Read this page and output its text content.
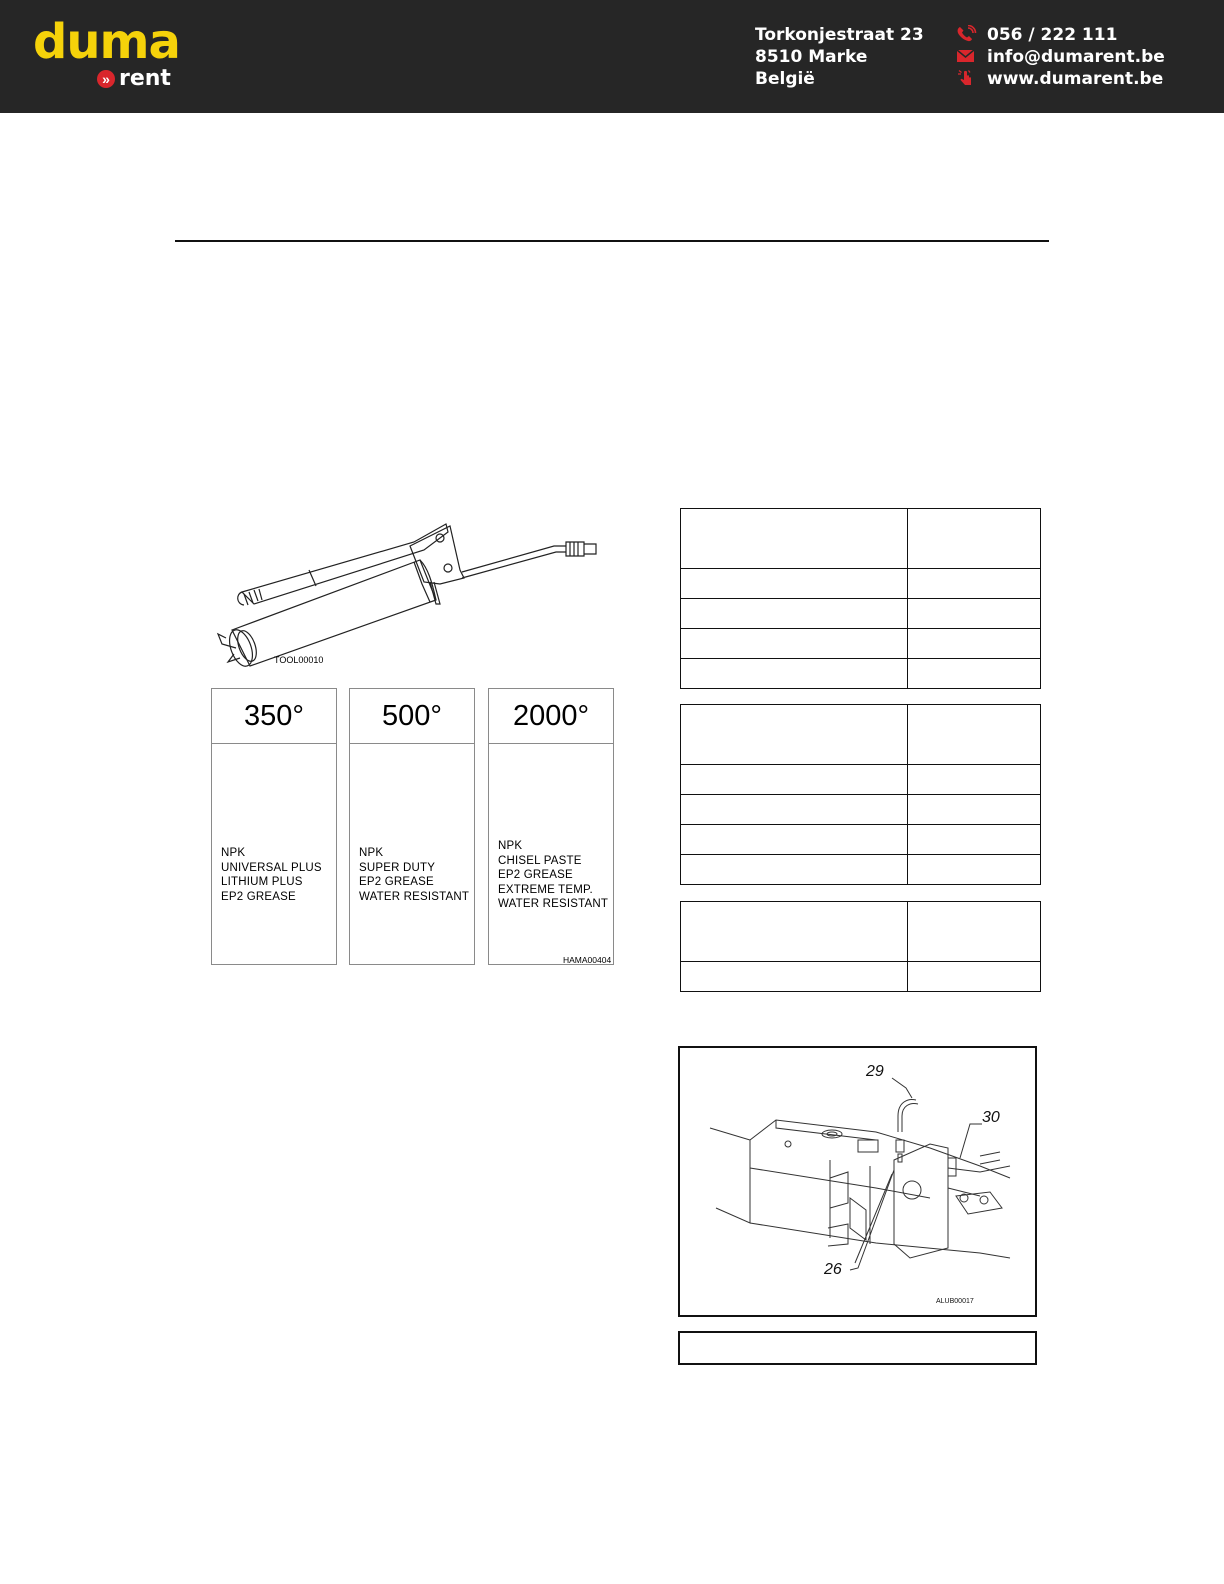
duma
» rent
Torkonjestraat 23
8510 Marke
België
056 / 222 111
info@dumarent.be
www.dumarent.be
TOOL00010
350°
NPK
UNIVERSAL PLUS
LITHIUM PLUS
EP2 GREASE
500°
NPK
SUPER DUTY
EP2 GREASE
WATER RESISTANT
2000°
NPK
CHISEL PASTE
EP2 GREASE
EXTREME TEMP.
WATER RESISTANT
HAMA00404

29
30
26
ALUB00017
